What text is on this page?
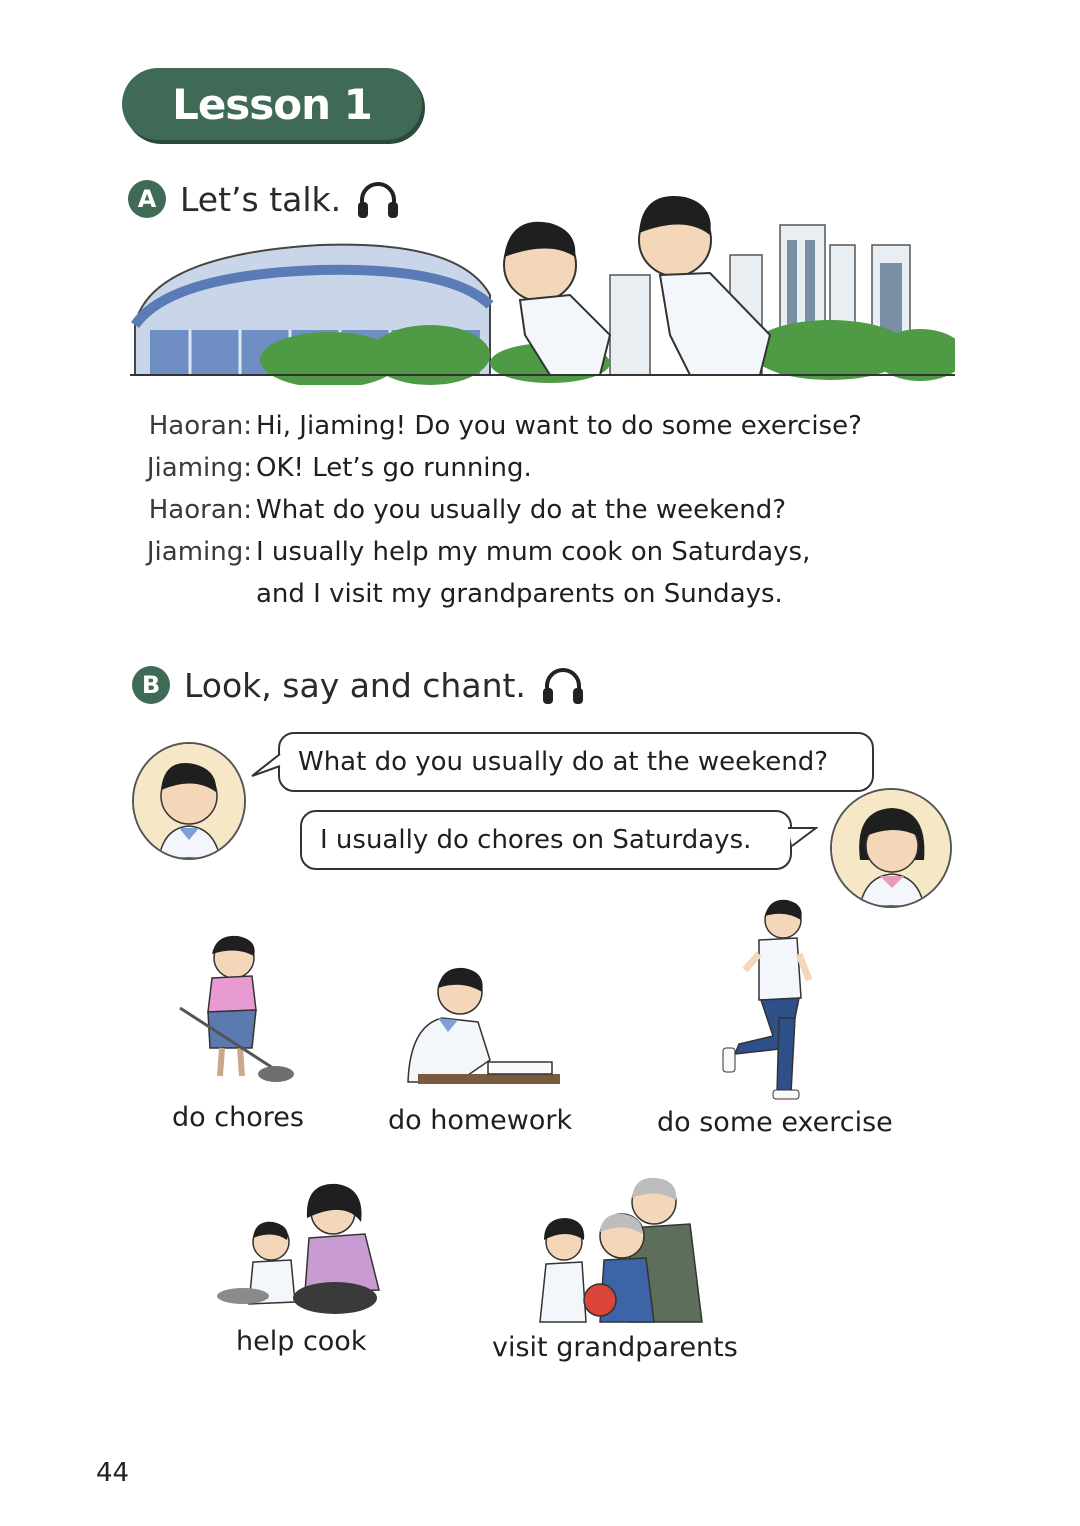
Lesson 1
A Let’s talk.
Haoran: Hi, Jiaming! Do you want to do some exercise?
Jiaming: OK! Let’s go running.
Haoran: What do you usually do at the weekend?
Jiaming: I usually help my mum cook on Saturdays,
and I visit my grandparents on Sundays.
B Look, say and chant.
What do you usually do at the weekend?
I usually do chores on Saturdays.
do chores	do homework	do some exercise
help cook	visit grandparents
44
